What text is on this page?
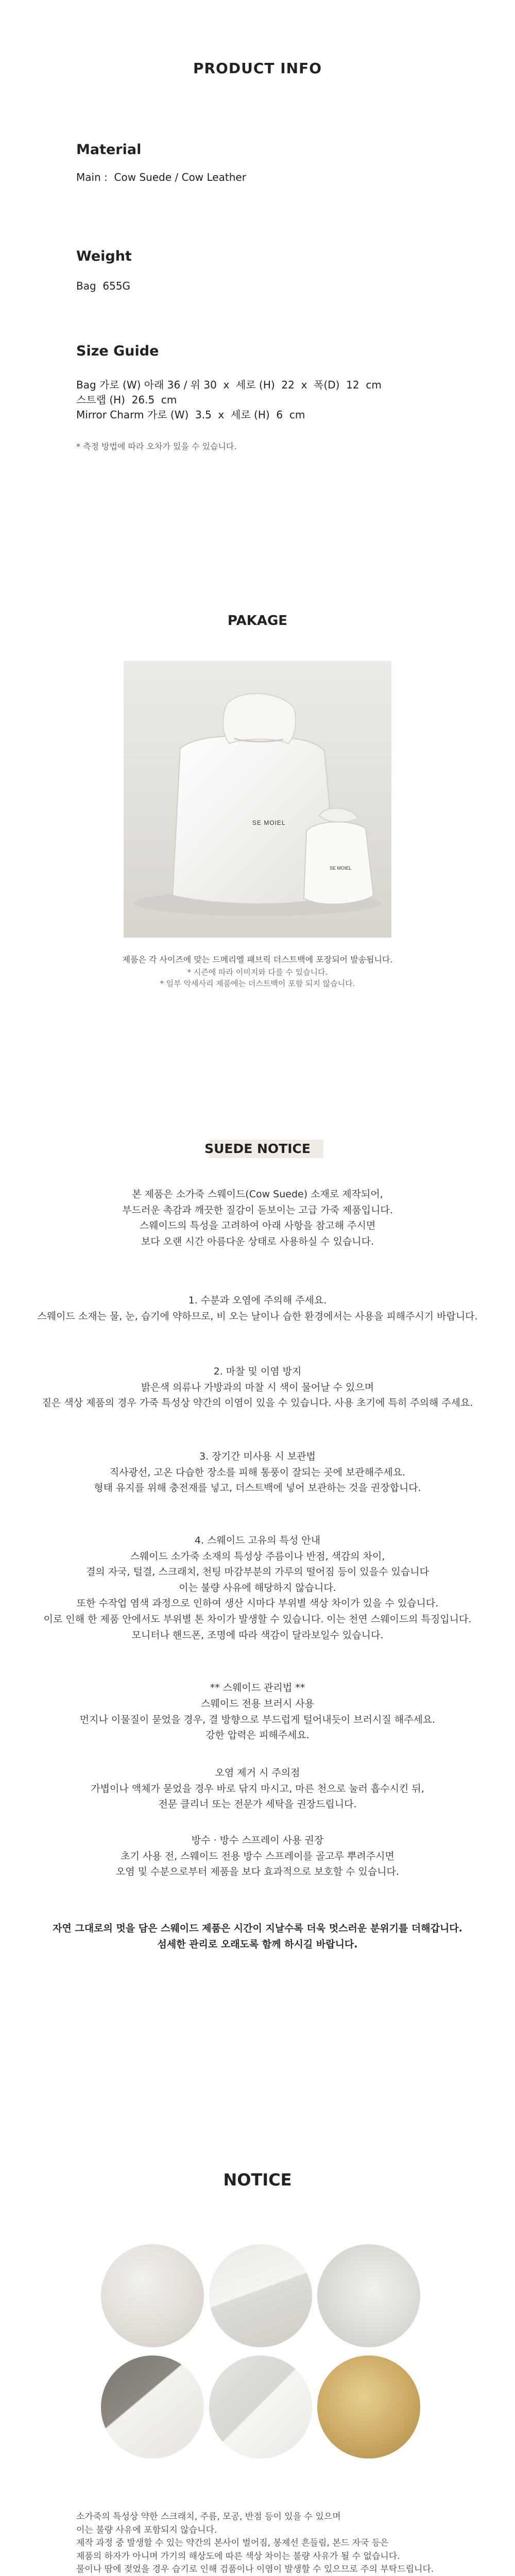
PRODUCT INFO
Material

Main :  Cow Suede / Cow Leather

Weight

Bag  655G

Size Guide

Bag 가로 (W) 아래 36 / 위 30  x  세로 (H)  22  x  폭(D)  12  cm

스트랩 (H)  26.5  cm

Mirror Charm 가로 (W)  3.5  x  세로 (H)  6  cm

* 측정 방법에 따라 오차가 있을 수 있습니다.

PAKAGE
SE MOIEL
SE MOIEL

제품은 각 사이즈에 맞는 드메리엘 패브릭 더스트백에 포장되어 발송됩니다.

* 시즌에 따라 이미지와 다를 수 있습니다.

* 일부 악세사리 제품에는 더스트백이 포함 되지 않습니다.

SUEDE NOTICE

본 제품은 소가죽 스웨이드(Cow Suede) 소재로 제작되어,
부드러운 촉감과 깨끗한 질감이 돋보이는 고급 가죽 제품입니다.
스웨이드의 특성을 고려하여 아래 사항을 참고해 주시면
보다 오랜 시간 아름다운 상태로 사용하실 수 있습니다.

1. 수분과 오염에 주의해 주세요.
스웨이드 소재는 물, 눈, 습기에 약하므로, 비 오는 날이나 습한 환경에서는 사용을 피해주시기 바랍니다.

2. 마찰 및 이염 방지
밝은색 의류나 가방과의 마찰 시 색이 물어날 수 있으며
짙은 색상 제품의 경우 가죽 특성상 약간의 이염이 있을 수 있습니다. 사용 초기에 특히 주의해 주세요.

3. 장기간 미사용 시 보관법
직사광선, 고온 다습한 장소를 피해 통풍이 잘되는 곳에 보관해주세요.
형태 유지를 위해 충전재를 넣고, 더스트백에 넣어 보관하는 것을 권장합니다.

4. 스웨이드 고유의 특성 안내
스웨이드 소가죽 소재의 특성상 주름이나 반점, 색감의 차이,
결의 자국, 털결, 스크래치, 천팅 마감부분의 가루의 떨어짐 등이 있을수 있습니다
이는 불량 사유에 해당하지 않습니다.
또한 수작업 염색 과정으로 인하여 생산 시마다 부위별 색상 차이가 있을 수 있습니다.
이로 인해 한 제품 안에서도 부위별 톤 차이가 발생할 수 있습니다. 이는 천연 스웨이드의 특징입니다.
모니터나 핸드폰, 조명에 따라 색감이 달라보일수 있습니다.

** 스웨이드 관리법 **

스웨이드 전용 브러시 사용
먼지나 이물질이 묻었을 경우, 결 방향으로 부드럽게 털어내듯이 브러시질 해주세요.
강한 압력은 피해주세요.

오염 제거 시 주의점
가볍이나 액체가 묻었을 경우 바로 닦지 마시고, 마른 천으로 눌러 흡수시킨 뒤,
전문 클리너 또는 전문가 세탁을 권장드립니다.

방수 · 방수 스프레이 사용 권장
초기 사용 전, 스웨이드 전용 방수 스프레이를 골고루 뿌려주시면
오염 및 수분으로부터 제품을 보다 효과적으로 보호할 수 있습니다.

자연 그대로의 멋을 담은 스웨이드 제품은 시간이 지날수록 더욱 멋스러운 분위기를 더해갑니다.
섬세한 관리로 오래도록 함께 하시길 바랍니다.

NOTICE

소가죽의 특성상 약한 스크래치, 주름, 모공, 반점 등이 있을 수 있으며
이는 불량 사유에 포함되지 않습니다.
제작 과정 중 발생할 수 있는 약간의 본사이 벌어짐, 봉제선 흔들림, 본드 자국 등은
제품의 하자가 아니며 가기의 해상도에 따른 색상 차이는 불량 사유가 될 수 없습니다.
물이나 땀에 젖었을 경우 습기로 인해 검품이나 이염이 발생할 수 있으므로 주의 부탁드립니다.
